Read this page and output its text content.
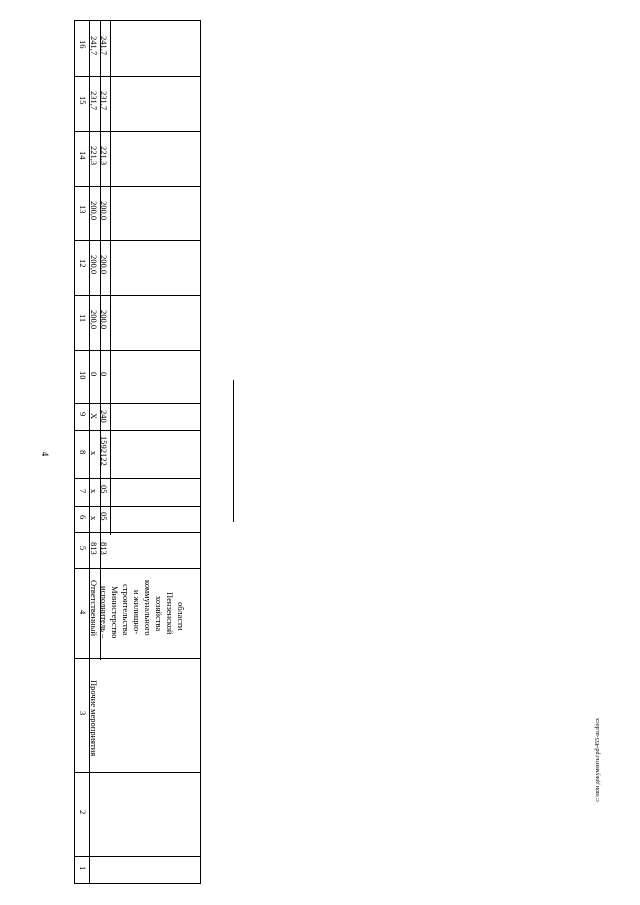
4
c:\мои документы\pd\455-ш.docx
16
15
14
13
12
11
10
9
8
7
6
5
4
3
2
1
241,7
231,7
221,3
200,0
200,0
200,0
0
Х
х
х
х
813
241,7
231,7
221,3
200,0
200,0
200,0
0
240
1592122
05
05
813
Прочие мероприятия
Ответственный исполнитель – Министерство строительства и жилищно- коммунального хозяйства Пензенской области
